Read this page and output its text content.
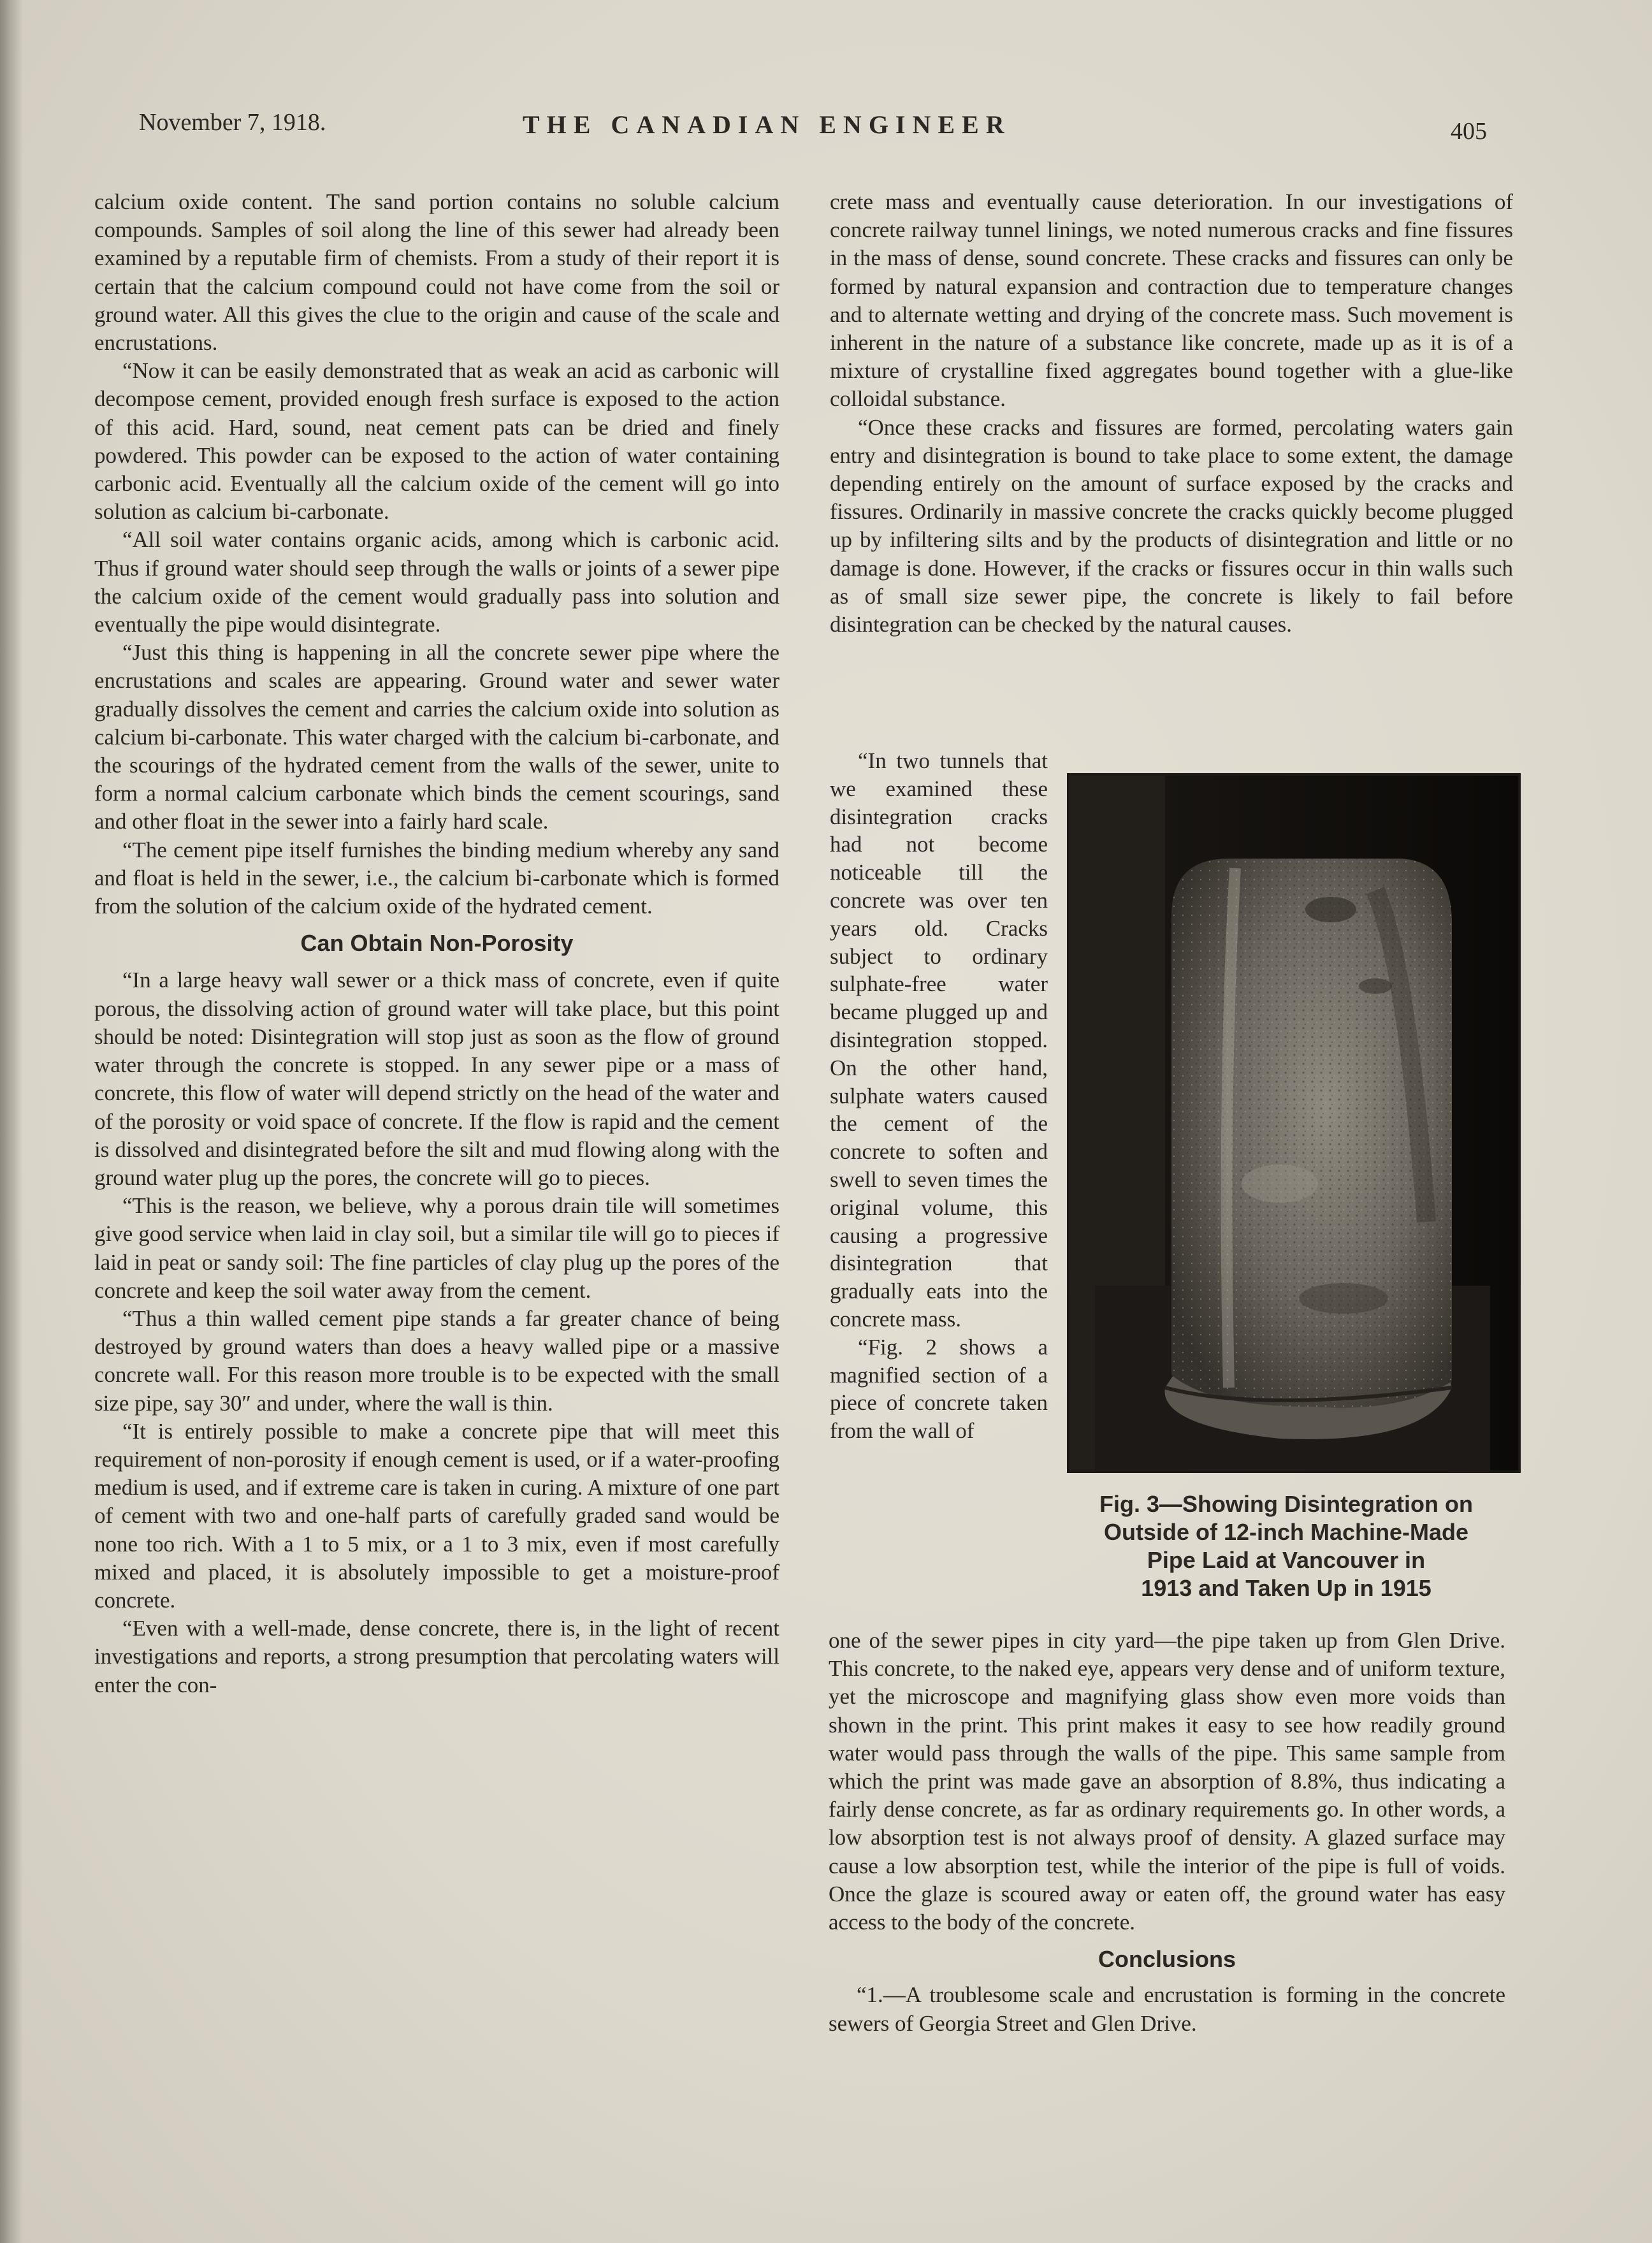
November 7, 1918.	THE CANADIAN ENGINEER	405

calcium oxide content. The sand portion contains no soluble calcium compounds. Samples of soil along the line of this sewer had already been examined by a reputable firm of chemists. From a study of their report it is certain that the calcium compound could not have come from the soil or ground water. All this gives the clue to the origin and cause of the scale and encrustations.

“Now it can be easily demonstrated that as weak an acid as carbonic will decompose cement, provided enough fresh surface is exposed to the action of this acid. Hard, sound, neat cement pats can be dried and finely powdered. This powder can be exposed to the action of water containing carbonic acid. Eventually all the calcium oxide of the cement will go into solution as calcium bi-carbonate.

“All soil water contains organic acids, among which is carbonic acid. Thus if ground water should seep through the walls or joints of a sewer pipe the calcium oxide of the cement would gradually pass into solution and eventually the pipe would disintegrate.

“Just this thing is happening in all the concrete sewer pipe where the encrustations and scales are appearing. Ground water and sewer water gradually dissolves the cement and carries the calcium oxide into solution as calcium bi-carbonate. This water charged with the calcium bi-carbonate, and the scourings of the hydrated cement from the walls of the sewer, unite to form a normal calcium carbonate which binds the cement scourings, sand and other float in the sewer into a fairly hard scale.

“The cement pipe itself furnishes the binding medium whereby any sand and float is held in the sewer, i.e., the calcium bi-carbonate which is formed from the solution of the calcium oxide of the hydrated cement.

Can Obtain Non-Porosity

“In a large heavy wall sewer or a thick mass of concrete, even if quite porous, the dissolving action of ground water will take place, but this point should be noted: Disintegration will stop just as soon as the flow of ground water through the concrete is stopped. In any sewer pipe or a mass of concrete, this flow of water will depend strictly on the head of the water and of the porosity or void space of concrete. If the flow is rapid and the cement is dissolved and disintegrated before the silt and mud flowing along with the ground water plug up the pores, the concrete will go to pieces.

“This is the reason, we believe, why a porous drain tile will sometimes give good service when laid in clay soil, but a similar tile will go to pieces if laid in peat or sandy soil: The fine particles of clay plug up the pores of the concrete and keep the soil water away from the cement.

“Thus a thin walled cement pipe stands a far greater chance of being destroyed by ground waters than does a heavy walled pipe or a massive concrete wall. For this reason more trouble is to be expected with the small size pipe, say 30″ and under, where the wall is thin.

“It is entirely possible to make a concrete pipe that will meet this requirement of non-porosity if enough cement is used, or if a water-proofing medium is used, and if extreme care is taken in curing. A mixture of one part of cement with two and one-half parts of carefully graded sand would be none too rich. With a 1 to 5 mix, or a 1 to 3 mix, even if most carefully mixed and placed, it is absolutely impossible to get a moisture-proof concrete.

“Even with a well-made, dense concrete, there is, in the light of recent investigations and reports, a strong presumption that percolating waters will enter the con-

crete mass and eventually cause deterioration. In our investigations of concrete railway tunnel linings, we noted numerous cracks and fine fissures in the mass of dense, sound concrete. These cracks and fissures can only be formed by natural expansion and contraction due to temperature changes and to alternate wetting and drying of the concrete mass. Such movement is inherent in the nature of a substance like concrete, made up as it is of a mixture of crystalline fixed aggregates bound together with a glue-like colloidal substance.

“Once these cracks and fissures are formed, percolating waters gain entry and disintegration is bound to take place to some extent, the damage depending entirely on the amount of surface exposed by the cracks and fissures. Ordinarily in massive concrete the cracks quickly become plugged up by infiltering silts and by the products of disintegration and little or no damage is done. However, if the cracks or fissures occur in thin walls such as of small size sewer pipe, the concrete is likely to fail before disintegration can be checked by the natural causes.

“In two tunnels that we examined these disintegration cracks had not become noticeable till the concrete was over ten years old. Cracks subject to ordinary sulphate-free water became plugged up and disintegration stopped. On the other hand, sulphate waters caused the cement of the concrete to soften and swell to seven times the original volume, this causing a progressive disintegration that gradually eats into the concrete mass.

“Fig. 2 shows a magnified section of a piece of concrete taken from the wall of

Fig. 3—Showing Disintegration on
Outside of 12-inch Machine-Made
Pipe Laid at Vancouver in
1913 and Taken Up in 1915

one of the sewer pipes in city yard—the pipe taken up from Glen Drive. This concrete, to the naked eye, appears very dense and of uniform texture, yet the microscope and magnifying glass show even more voids than shown in the print. This print makes it easy to see how readily ground water would pass through the walls of the pipe. This same sample from which the print was made gave an absorption of 8.8%, thus indicating a fairly dense concrete, as far as ordinary requirements go. In other words, a low absorption test is not always proof of density. A glazed surface may cause a low absorption test, while the interior of the pipe is full of voids. Once the glaze is scoured away or eaten off, the ground water has easy access to the body of the concrete.

Conclusions

“1.—A troublesome scale and encrustation is forming in the concrete sewers of Georgia Street and Glen Drive.
